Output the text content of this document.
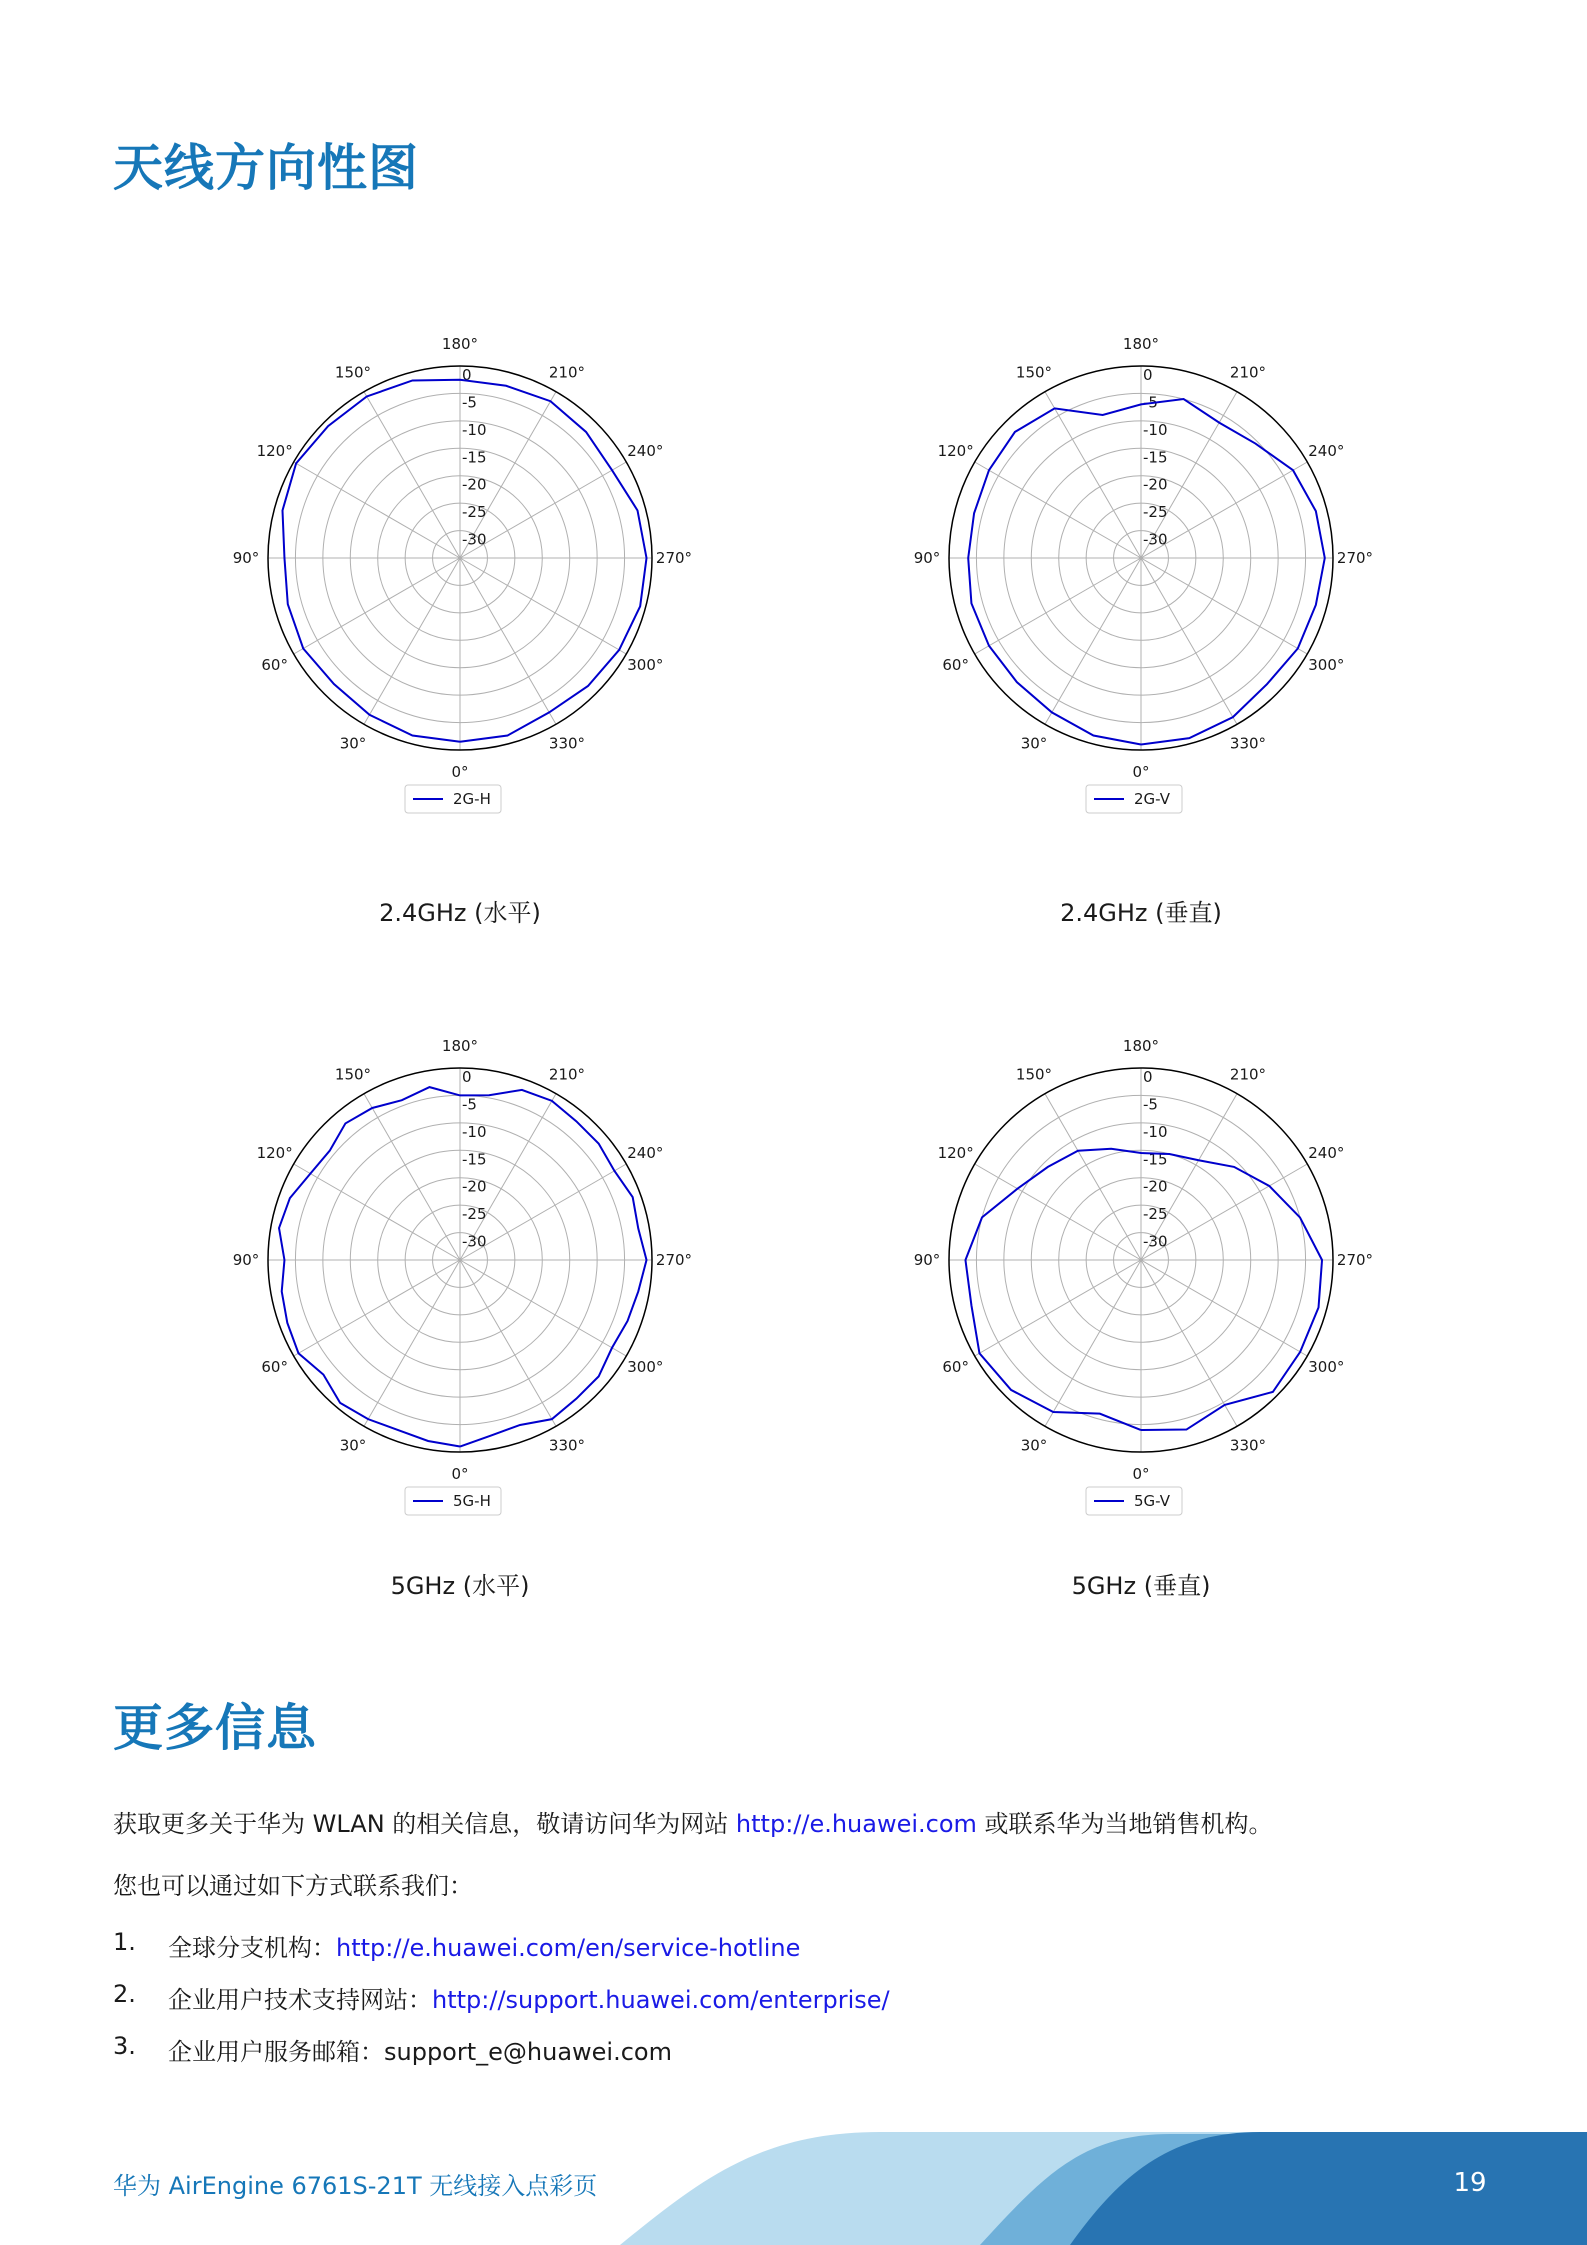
天线方向性图
0°
30°
60°
90°
120°
150°
180°
210°
240°
270°
300°
330°
0
-5
-10
-15
-20
-25
-30
2G-H
2.4GHz (水平)
0°
30°
60°
90°
120°
150°
180°
210°
240°
270°
300°
330°
0
-5
-10
-15
-20
-25
-30
2G-V
2.4GHz (垂直)
0°
30°
60°
90°
120°
150°
180°
210°
240°
270°
300°
330°
0
-5
-10
-15
-20
-25
-30
5G-H
5GHz (水平)
0°
30°
60°
90°
120°
150°
180°
210°
240°
270°
300°
330°
0
-5
-10
-15
-20
-25
-30
5G-V
5GHz (垂直)
更多信息

获取更多关于华为 WLAN 的相关信息，敬请访问华为网站 http://e.huawei.com 或联系华为当地销售机构。

您也可以通过如下方式联系我们：

1. 全球分支机构：http://e.huawei.com/en/service-hotline
2. 企业用户技术支持网站：http://support.huawei.com/enterprise/
3. 企业用户服务邮箱：support_e@huawei.com
华为 AirEngine 6761S-21T 无线接入点彩页	19
